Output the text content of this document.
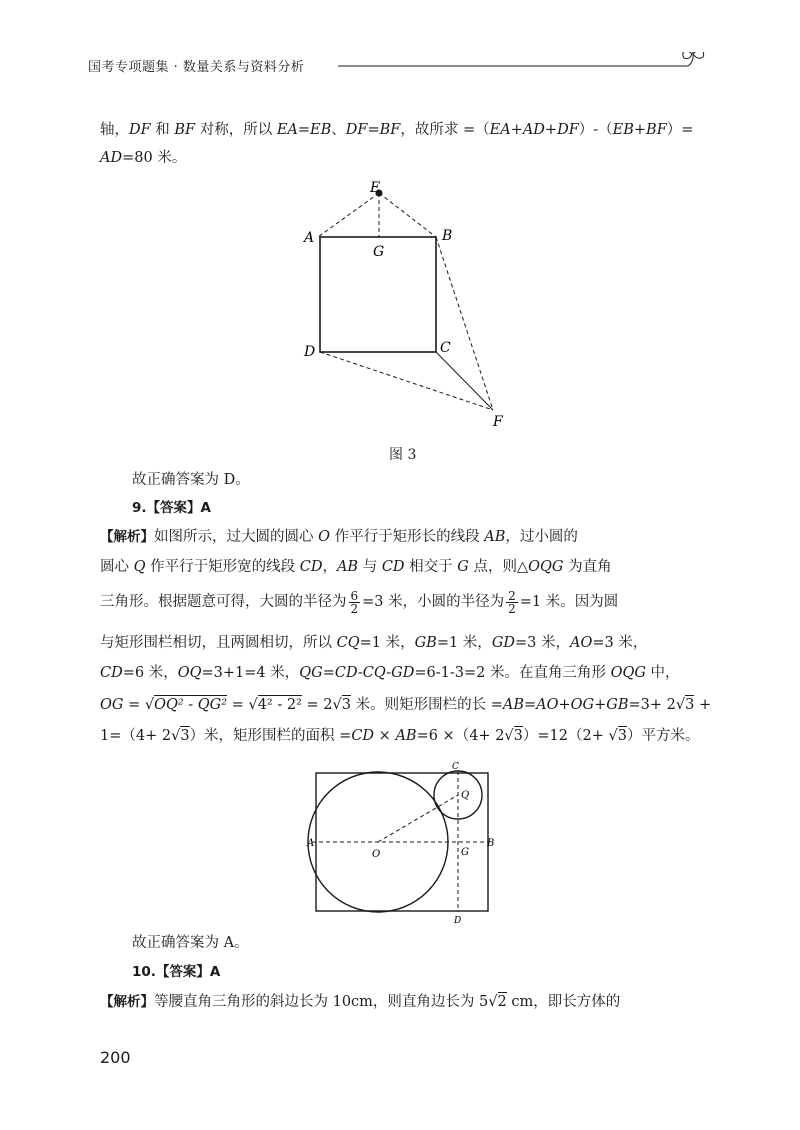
国考专项题集 · 数量关系与资料分析
轴，DF 和 BF 对称，所以 EA=EB、DF=BF，故所求 =（EA+AD+DF）-（EB+BF）=
AD=80 米。
E
A	B
G
D	C
F
图 3
故正确答案为 D。
9.【答案】A
【解析】如图所示，过大圆的圆心 O 作平行于矩形长的线段 AB，过小圆的
圆心 Q 作平行于矩形宽的线段 CD，AB 与 CD 相交于 G 点，则△OQG 为直角
三角形。根据题意可得，大圆的半径为 $\frac{6}{2} =3$ 米，小圆的半径为 $\frac{2}{2} =1$ 米。因为圆
与矩形围栏相切，且两圆相切，所以 CQ=1 米，GB=1 米，GD=3 米，AO=3 米，
CD=6 米，OQ=3+1=4 米，QG=CD-CQ-GD=6-1-3=2 米。在直角三角形 OQG 中，
OG = √OQ² - QG² = √4² - 2² = 2√3 米。则矩形围栏的长 =AB=AO+OG+GB=3+ 2√3 +
1=（4+ 2√3）米，矩形围栏的面积 =CD × AB=6 ×（4+ 2√3）=12（2+ √3）平方米。
C
Q
A
O	G
B
D
故正确答案为 A。
10.【答案】A
【解析】等腰直角三角形的斜边长为 10cm，则直角边长为 5√2 cm，即长方体的
200
